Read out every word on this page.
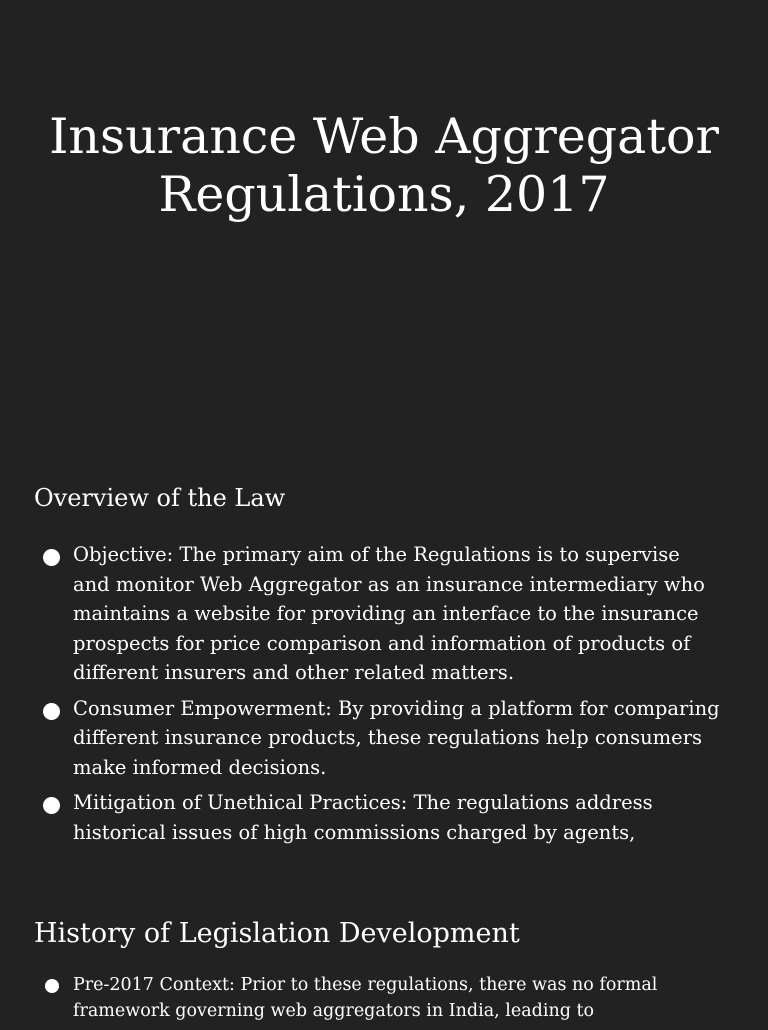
Insurance Web Aggregator Regulations, 2017
Overview of the Law
Objective: The primary aim of the Regulations is to supervise and monitor Web Aggregator as an insurance intermediary who maintains a website for providing an interface to the insurance prospects for price comparison and information of products of different insurers and other related matters.
Consumer Empowerment: By providing a platform for comparing different insurance products, these regulations help consumers make informed decisions.
Mitigation of Unethical Practices: The regulations address historical issues of high commissions charged by agents,
History of Legislation Development
Pre-2017 Context: Prior to these regulations, there was no formal framework governing web aggregators in India, leading to
